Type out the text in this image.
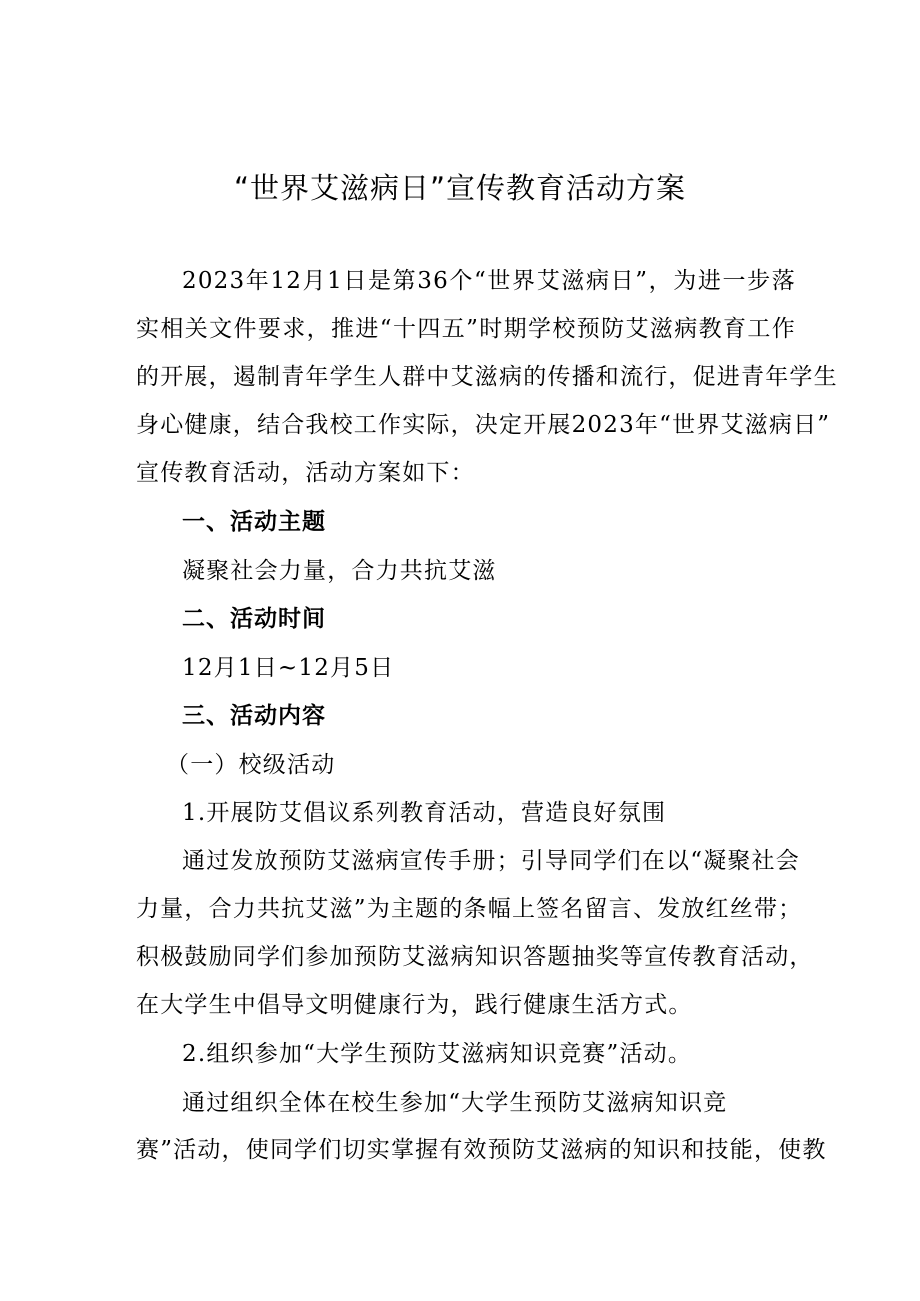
“世界艾滋病日”宣传教育活动方案
2023年12月1日是第36个“世界艾滋病日”，为进一步落
实相关文件要求，推进“十四五”时期学校预防艾滋病教育工作
的开展，遏制青年学生人群中艾滋病的传播和流行，促进青年学生
身心健康，结合我校工作实际，决定开展2023年“世界艾滋病日”
宣传教育活动，活动方案如下：
一、活动主题
凝聚社会力量，合力共抗艾滋
二、活动时间
12月1日~12月5日
三、活动内容
（一）校级活动
1.开展防艾倡议系列教育活动，营造良好氛围
通过发放预防艾滋病宣传手册；引导同学们在以“凝聚社会
力量，合力共抗艾滋”为主题的条幅上签名留言、发放红丝带；
积极鼓励同学们参加预防艾滋病知识答题抽奖等宣传教育活动，
在大学生中倡导文明健康行为，践行健康生活方式。
2.组织参加“大学生预防艾滋病知识竞赛”活动。
通过组织全体在校生参加“大学生预防艾滋病知识竞
赛”活动，使同学们切实掌握有效预防艾滋病的知识和技能，使教
